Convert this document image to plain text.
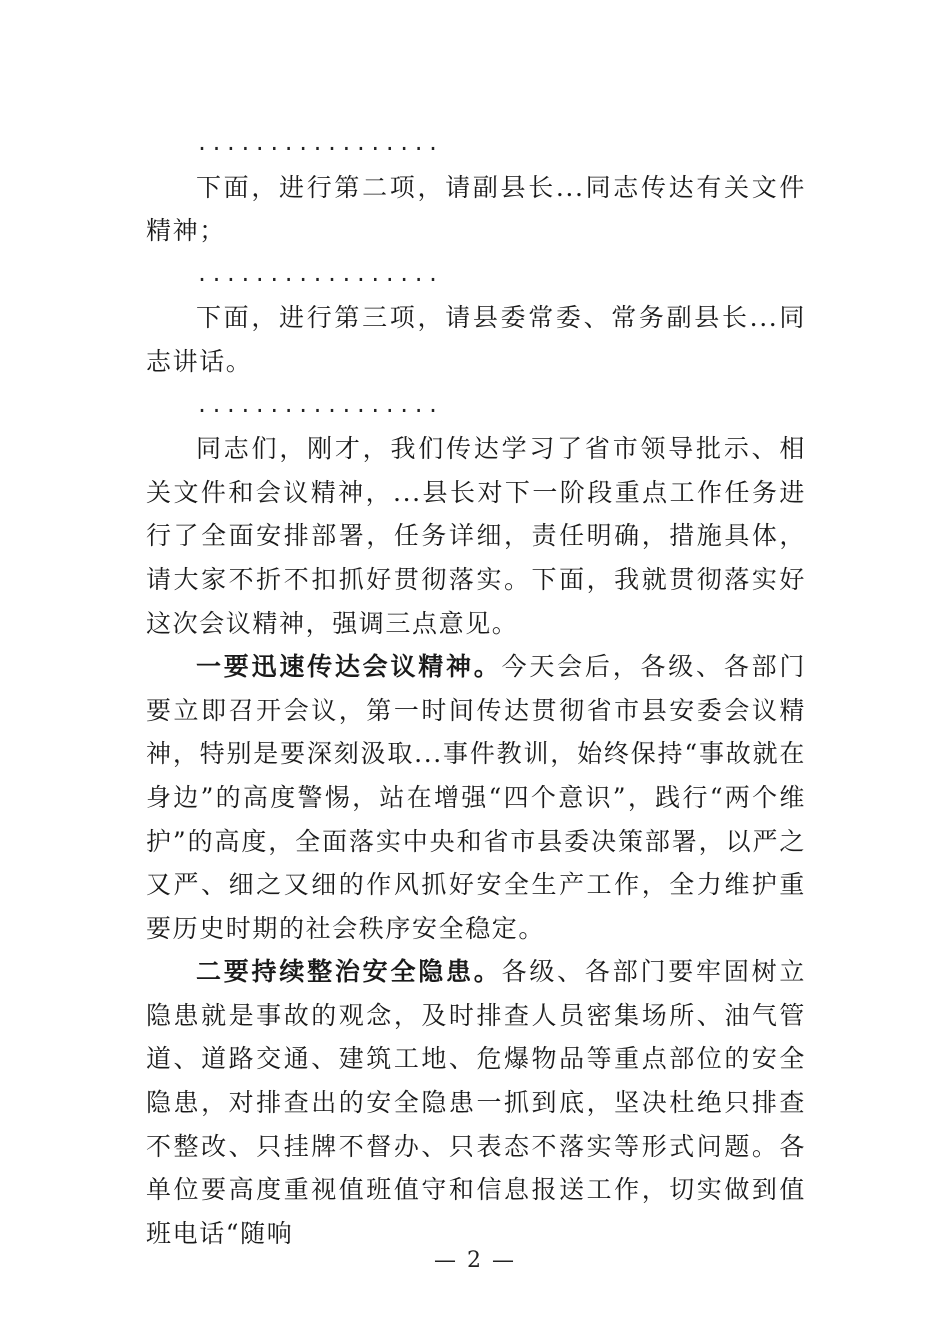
.................

下面，进行第二项，请副县长...同志传达有关文件精神；

.................

下面，进行第三项，请县委常委、常务副县长...同志讲话。

.................

同志们，刚才，我们传达学习了省市领导批示、相关文件和会议精神，...县长对下一阶段重点工作任务进行了全面安排部署，任务详细，责任明确，措施具体，请大家不折不扣抓好贯彻落实。下面，我就贯彻落实好这次会议精神，强调三点意见。

一要迅速传达会议精神。今天会后，各级、各部门要立即召开会议，第一时间传达贯彻省市县安委会议精神，特别是要深刻汲取...事件教训，始终保持“事故就在身边”的高度警惕，站在增强“四个意识”，践行“两个维护”的高度，全面落实中央和省市县委决策部署，以严之又严、细之又细的作风抓好安全生产工作，全力维护重要历史时期的社会秩序安全稳定。

二要持续整治安全隐患。各级、各部门要牢固树立隐患就是事故的观念，及时排查人员密集场所、油气管道、道路交通、建筑工地、危爆物品等重点部位的安全隐患，对排查出的安全隐患一抓到底，坚决杜绝只排查不整改、只挂牌不督办、只表态不落实等形式问题。各单位要高度重视值班值守和信息报送工作，切实做到值班电话“随响

— 2 —
